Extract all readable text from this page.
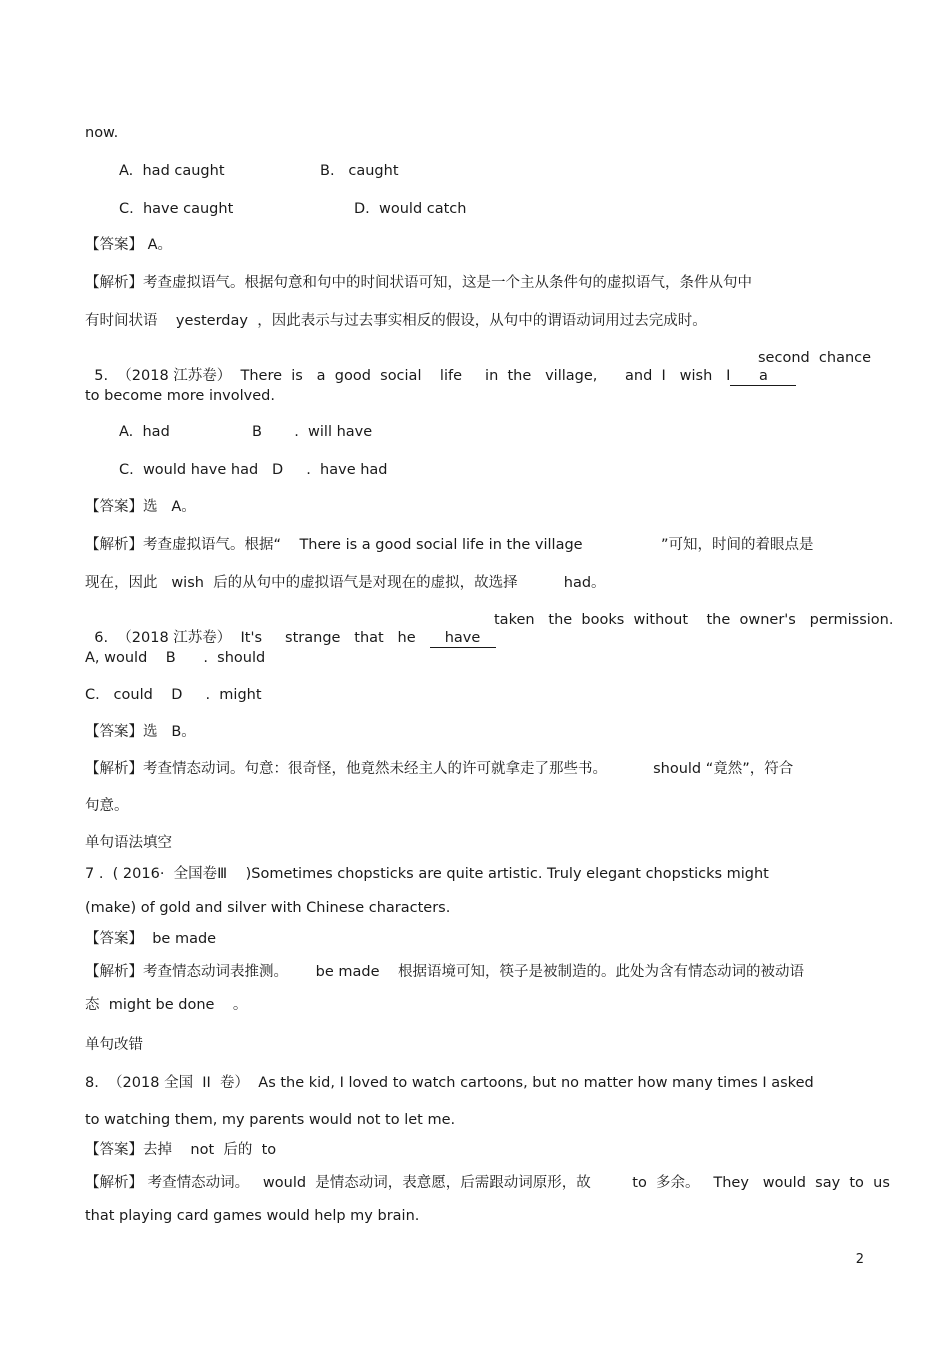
now.
A.  had caught	B.   caught
C.  have caught	D.  would catch
【答案】 A。
【解析】考查虚拟语气。根据句意和句中的时间状语可知，这是一个主从条件句的虚拟语气，条件从句中
有时间状语    yesterday  ，因此表示与过去事实相反的假设，从句中的谓语动词用过去完成时。

5.  （2018 江苏卷）  There  is   a  good  social    life     in  the   village,      and  I   wish   I a

second  chance
to become more involved.
A.  had	B       .  will have
C.  would have had   D     .  have had
【答案】选   A。
【解析】考查虚拟语气。根据“    There is a good social life in the village                 ”可知，时间的着眼点是
现在，因此   wish  后的从句中的虚拟语气是对现在的虚拟，故选择          had。

6.  （2018 江苏卷）  It's     strange   that   he have

taken   the  books  without    the  owner's   permission.
A, would    B      .  should
C.   could    D     .  might
【答案】选   B。
【解析】考查情态动词。句意：很奇怪，他竟然未经主人的许可就拿走了那些书。          should “竟然”，符合
句意。
单句语法填空
7 .  ( 2016·  全国卷Ⅲ    )Sometimes chopsticks are quite artistic. Truly elegant chopsticks might
(make) of gold and silver with Chinese characters.
【答案】  be made
【解析】考查情态动词表推测。      be made    根据语境可知，筷子是被制造的。此处为含有情态动词的被动语
态  might be done    。
单句改错
8.  （2018 全国  II  卷）  As the kid, I loved to watch cartoons, but no matter how many times I asked
to watching them, my parents would not to let me.
【答案】去掉    not  后的  to
【解析】 考查情态动词。   would  是情态动词，表意愿，后需跟动词原形，故         to  多余。   They   would  say  to  us
that playing card games would help my brain.
2
